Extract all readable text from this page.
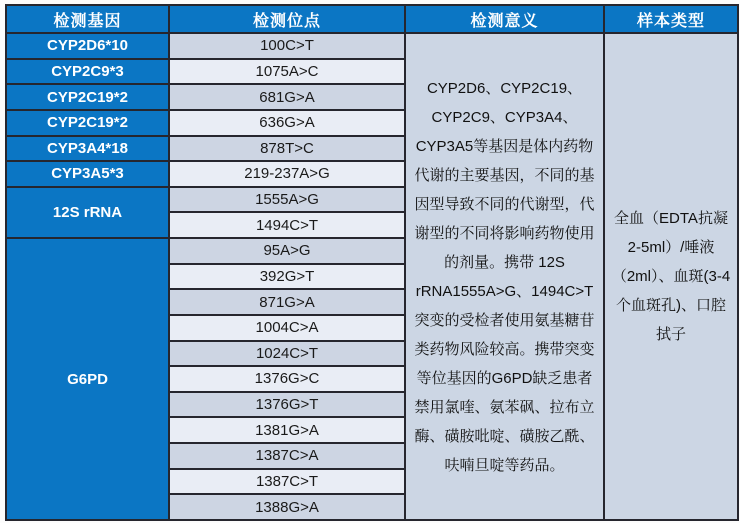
检测基因	检测位点	检测意义	样本类型
CYP2D6*10	100C>T	CYP2D6、CYP2C19、CYP2C9、CYP3A4、CYP3A5等基因是体内药物代谢的主要基因，不同的基因型导致不同的代谢型，代谢型的不同将影响药物使用的剂量。携带 12S rRNA1555A>G、1494C>T突变的受检者使用氨基糖苷类药物风险较高。携带突变等位基因的G6PD缺乏患者禁用氯喹、氨苯砜、拉布立酶、磺胺吡啶、磺胺乙酰、呋喃旦啶等药品。	全血（EDTA抗凝2-5ml）/唾液（2ml）、血斑(3-4个血斑孔)、口腔拭子
CYP2C9*3	1075A>C		
CYP2C19*2	681G>A		
CYP2C19*2	636G>A		
CYP3A4*18	878T>C		
CYP3A5*3	219-237A>G		
12S rRNA	1555A>G		
	1494C>T		
G6PD	95A>G		
	392G>T		
	871G>A		
	1004C>A		
	1024C>T		
	1376G>C		
	1376G>T		
	1381G>A		
	1387C>A		
	1387C>T		
	1388G>A		
